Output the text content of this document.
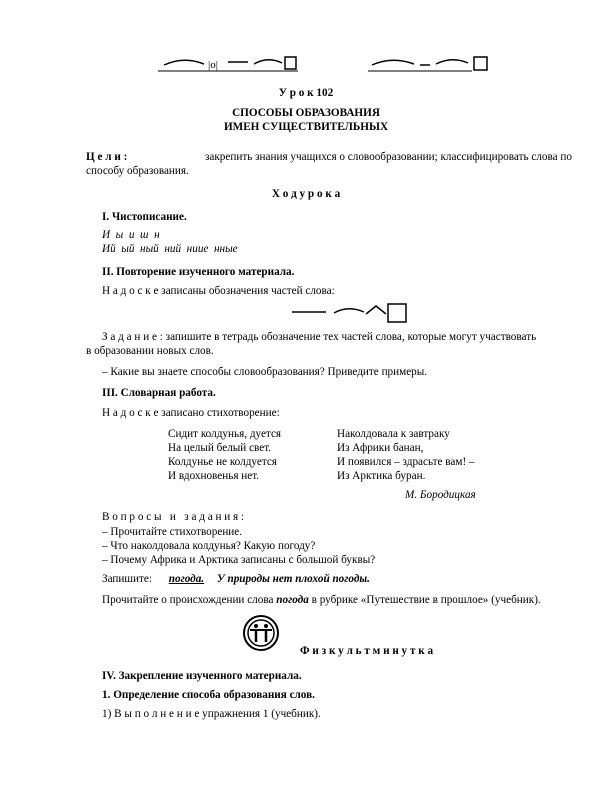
|o|
У р о к 102
СПОСОБЫ ОБРАЗОВАНИЯ
ИМЕН СУЩЕСТВИТЕЛЬНЫХ
Ц е л и :	закрепить знания учащихся о словообразовании; классифицировать слова по
способу образования.
Х о д у р о к а
I. Чистописание.
И  ы  и  ш  н
Ий  ый  ный  ний  ниие  нные
II. Повторение изученного материала.
Н а д о с к е записаны обозначения частей слова:
З а д а н и е : запишите в тетрадь обозначение тех частей слова, которые могут участвовать
в образовании новых слов.
– Какие вы знаете способы словообразования? Приведите примеры.
III. Словарная работа.
Н а д о с к е записано стихотворение:
Сидит колдунья, дуется
На целый белый свет.
Колдунье не колдуется
И вдохновенья нет.
Наколдовала к завтраку
Из Африки банан,
И появился – здрасьте вам! –
Из Арктика буран.
М. Бородицкая
В о п р о с ы   и   з а д а н и я :
– Прочитайте стихотворение.
– Что наколдовала колдунья? Какую погоду?
– Почему Африка и Арктика записаны с большой буквы?
Запишите: погода. У природы нет плохой погоды.
Прочитайте о происхождении слова погода в рубрике «Путешествие в прошлое» (учебник).
Ф и з к у л ь т м и н у т к а
IV. Закрепление изученного материала.
1. Определение способа образования слов.
1) В ы п о л н е н и е упражнения 1 (учебник).
